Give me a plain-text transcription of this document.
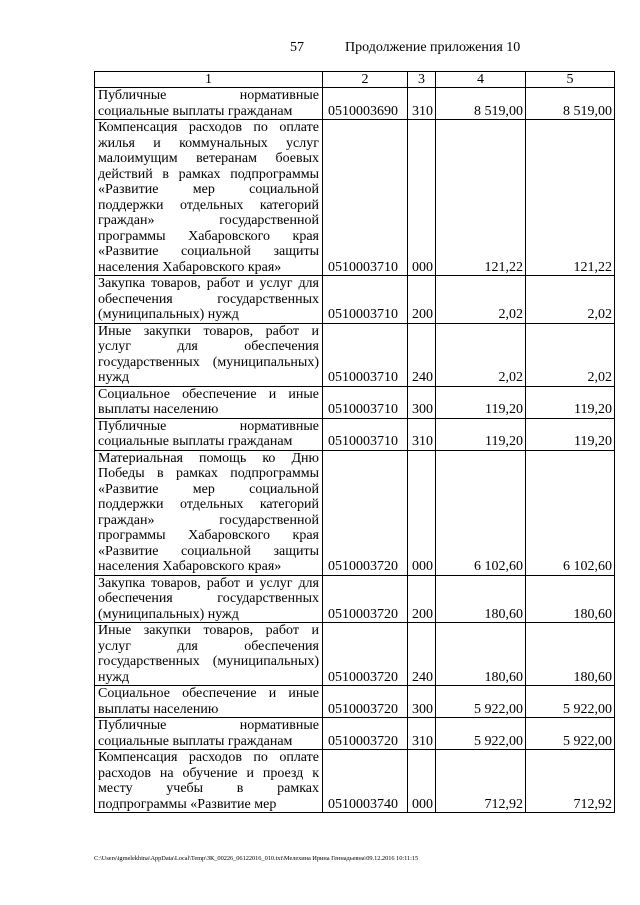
57	Продолжение приложения 10
1	2	3	4	5
Публичные нормативные социальные выплаты гражданам	0510003690	310	8 519,00	8 519,00
Компенсация расходов по оплате жилья и коммунальных услуг малоимущим ветеранам боевых действий в рамках подпрограммы «Развитие мер социальной поддержки отдельных категорий граждан» государственной программы Хабаровского края «Развитие социальной защиты населения Хабаровского края»	0510003710	000	121,22	121,22
Закупка товаров, работ и услуг для обеспечения государственных (муниципальных) нужд	0510003710	200	2,02	2,02
Иные закупки товаров, работ и услуг для обеспечения государственных (муниципальных) нужд	0510003710	240	2,02	2,02
Социальное обеспечение и иные выплаты населению	0510003710	300	119,20	119,20
Публичные нормативные социальные выплаты гражданам	0510003710	310	119,20	119,20
Материальная помощь ко Дню Победы в рамках подпрограммы «Развитие мер социальной поддержки отдельных категорий граждан» государственной программы Хабаровского края «Развитие социальной защиты населения Хабаровского края»	0510003720	000	6 102,60	6 102,60
Закупка товаров, работ и услуг для обеспечения государственных (муниципальных) нужд	0510003720	200	180,60	180,60
Иные закупки товаров, работ и услуг для обеспечения государственных (муниципальных) нужд	0510003720	240	180,60	180,60
Социальное обеспечение и иные выплаты населению	0510003720	300	5 922,00	5 922,00
Публичные нормативные социальные выплаты гражданам	0510003720	310	5 922,00	5 922,00
Компенсация расходов по оплате расходов на обучение и проезд к месту учебы в рамках подпрограммы «Развитие мер	0510003740	000	712,92	712,92
C:\Users\igmelekhina\AppData\Local\Temp\ЗК_00226_06122016_010.txt\Мелехина Ирина Геннадьевна\09.12.2016 10:11:15
